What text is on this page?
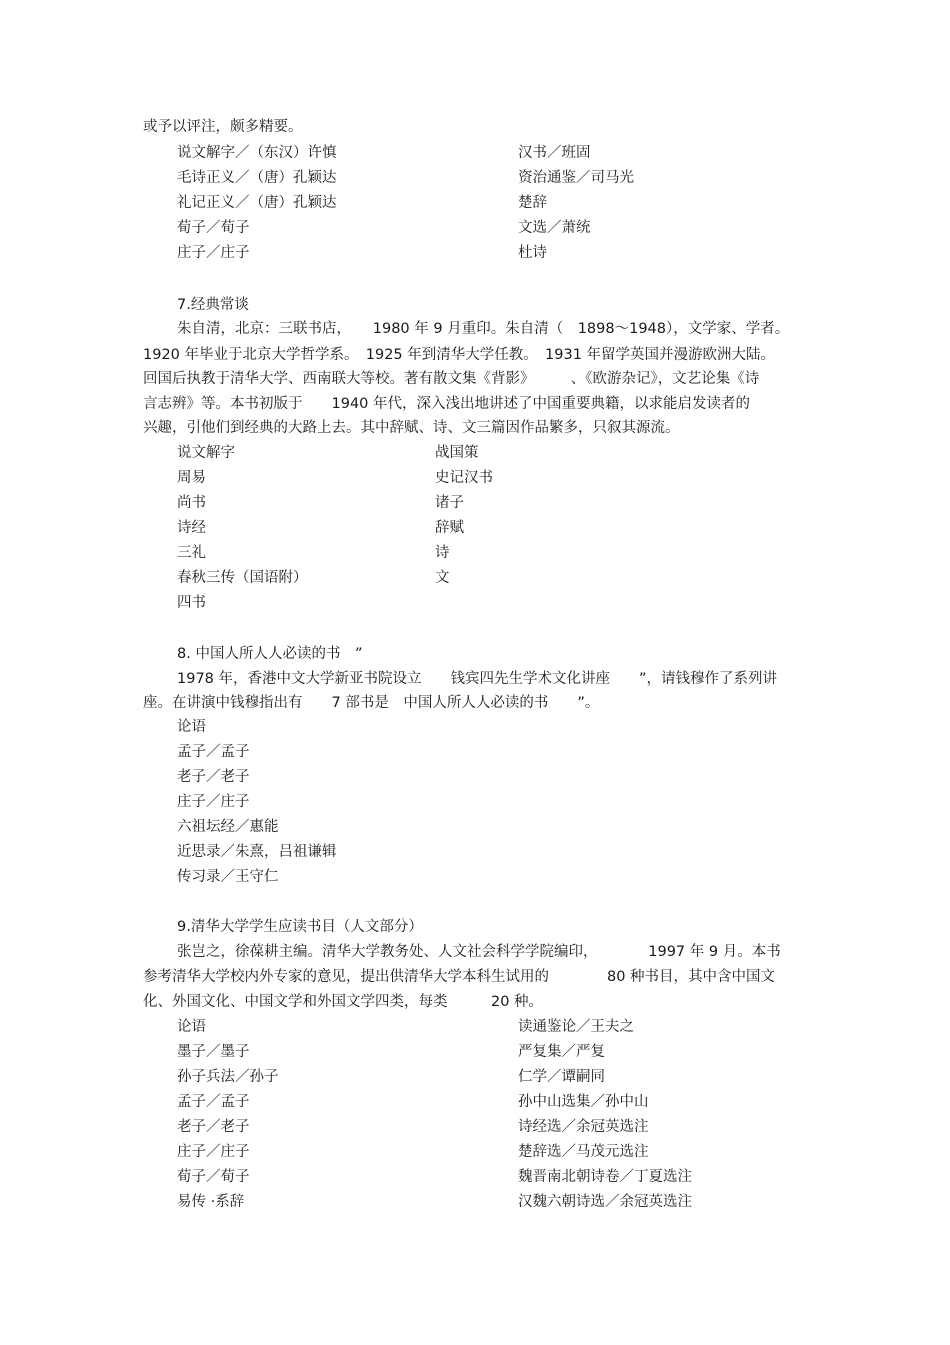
或予以评注，颇多精要。
说文解字／（东汉）许慎
毛诗正义／（唐）孔颖达
礼记正义／（唐）孔颖达
荀子／荀子
庄子／庄子
汉书／班固
资治通鉴／司马光
楚辞
文选／萧统
杜诗
7.经典常谈
朱自清，北京：三联书店，　　1980 年 9 月重印。朱自清（　1898～1948），文学家、学者。
1920 年毕业于北京大学哲学系。　1925 年到清华大学任教。　1931 年留学英国并漫游欧洲大陆。
回国后执教于清华大学、西南联大等校。著有散文集《背影》　　　、《欧游杂记》，文艺论集《诗
言志辨》等。本书初版于　　1940 年代，深入浅出地讲述了中国重要典籍，以求能启发读者的
兴趣，引他们到经典的大路上去。其中辞赋、诗、文三篇因作品繁多，只叙其源流。
说文解字
周易
尚书
诗经
三礼
春秋三传（国语附）
四书
战国策
史记汉书
诸子
辞赋
诗
文
8. 中国人所人人必读的书　”
1978 年，香港中文大学新亚书院设立　　钱宾四先生学术文化讲座　　”，请钱穆作了系列讲
座。在讲演中钱穆指出有　　7 部书是　中国人所人人必读的书　　”。
论语
孟子／孟子
老子／老子
庄子／庄子
六祖坛经／惠能
近思录／朱熹，吕祖谦辑
传习录／王守仁
9.清华大学学生应读书目（人文部分）
张岂之，徐葆耕主编。清华大学教务处、人文社会科学学院编印，　　　　1997 年 9 月。本书
参考清华大学校内外专家的意见，提出供清华大学本科生试用的　　　　80 种书目，其中含中国文
化、外国文化、中国文学和外国文学四类，每类　　　20 种。
论语
墨子／墨子
孙子兵法／孙子
孟子／孟子
老子／老子
庄子／庄子
荀子／荀子
易传 ·系辞
读通鉴论／王夫之
严复集／严复
仁学／谭嗣同
孙中山选集／孙中山
诗经选／余冠英选注
楚辞选／马茂元选注
魏晋南北朝诗卷／丁夏选注
汉魏六朝诗选／余冠英选注
